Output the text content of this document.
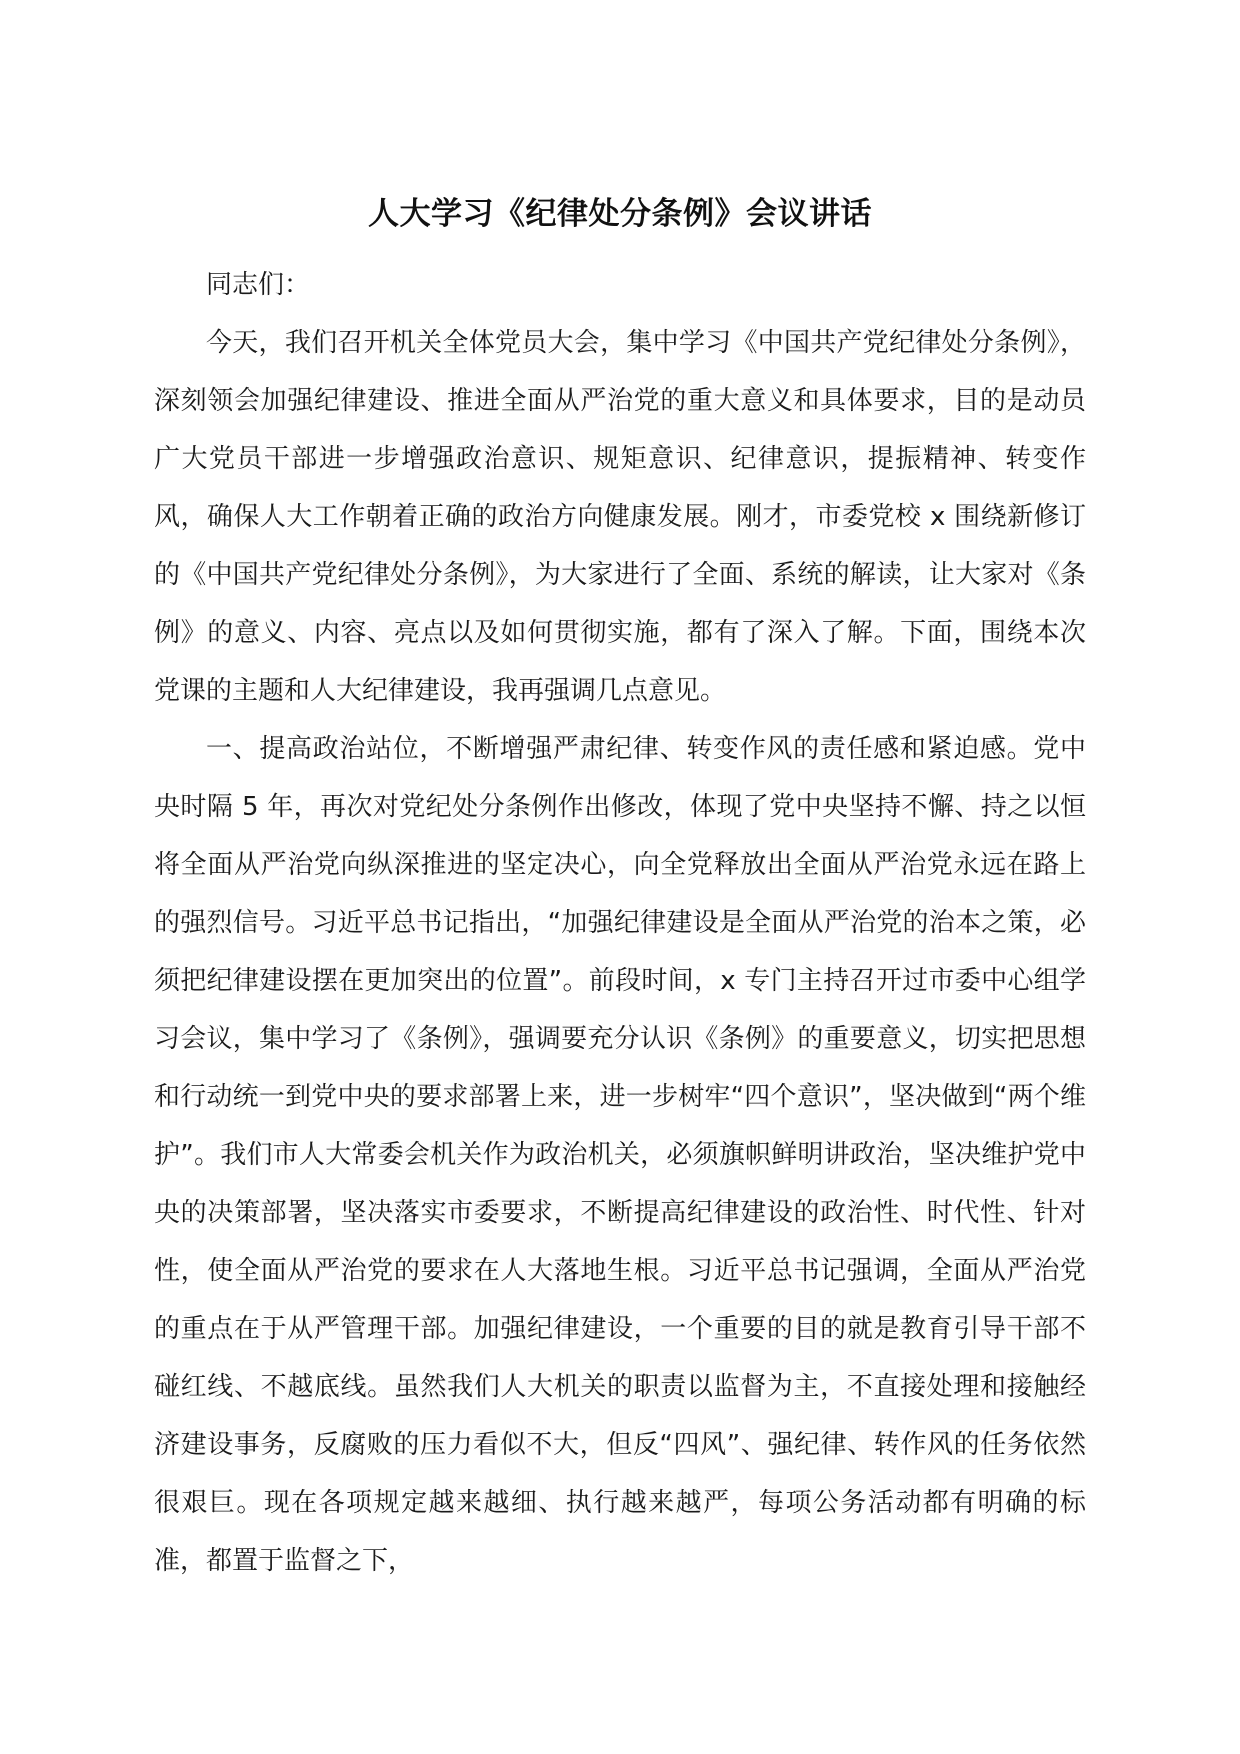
人大学习《纪律处分条例》会议讲话

同志们：

今天，我们召开机关全体党员大会，集中学习《中国共产党纪律处分条例》，深刻领会加强纪律建设、推进全面从严治党的重大意义和具体要求，目的是动员广大党员干部进一步增强政治意识、规矩意识、纪律意识，提振精神、转变作风，确保人大工作朝着正确的政治方向健康发展。刚才，市委党校 x 围绕新修订的《中国共产党纪律处分条例》，为大家进行了全面、系统的解读，让大家对《条例》的意义、内容、亮点以及如何贯彻实施，都有了深入了解。下面，围绕本次党课的主题和人大纪律建设，我再强调几点意见。

一、提高政治站位，不断增强严肃纪律、转变作风的责任感和紧迫感。党中央时隔 5 年，再次对党纪处分条例作出修改，体现了党中央坚持不懈、持之以恒将全面从严治党向纵深推进的坚定决心，向全党释放出全面从严治党永远在路上的强烈信号。习近平总书记指出，“加强纪律建设是全面从严治党的治本之策，必须把纪律建设摆在更加突出的位置”。前段时间，x 专门主持召开过市委中心组学习会议，集中学习了《条例》，强调要充分认识《条例》的重要意义，切实把思想和行动统一到党中央的要求部署上来，进一步树牢“四个意识”，坚决做到“两个维护”。我们市人大常委会机关作为政治机关，必须旗帜鲜明讲政治，坚决维护党中央的决策部署，坚决落实市委要求，不断提高纪律建设的政治性、时代性、针对性，使全面从严治党的要求在人大落地生根。习近平总书记强调，全面从严治党的重点在于从严管理干部。加强纪律建设，一个重要的目的就是教育引导干部不碰红线、不越底线。虽然我们人大机关的职责以监督为主，不直接处理和接触经济建设事务，反腐败的压力看似不大，但反“四风”、强纪律、转作风的任务依然很艰巨。现在各项规定越来越细、执行越来越严，每项公务活动都有明确的标准，都置于监督之下，
